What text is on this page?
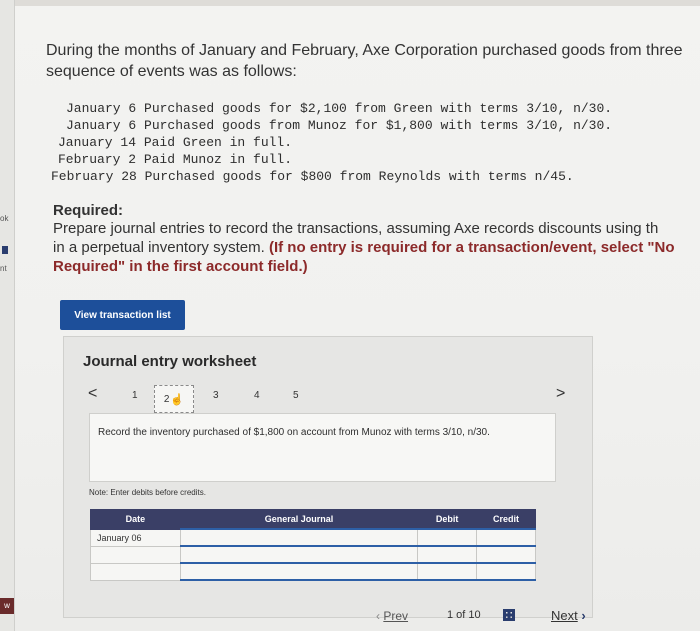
ok
nt
w
During the months of January and February, Axe Corporation purchased goods from three
sequence of events was as follows:
January 6 Purchased goods for $2,100 from Green with terms 3/10, n/30.
January 6 Purchased goods from Munoz for $1,800 with terms 3/10, n/30.
January 14 Paid Green in full.
February 2 Paid Munoz in full.
February 28 Purchased goods for $800 from Reynolds with terms n/45.
Required:
Prepare journal entries to record the transactions, assuming Axe records discounts using th
in a perpetual inventory system. (If no entry is required for a transaction/event, select "No
Required" in the first account field.)
View transaction list
Journal entry worksheet
<	1	2 ☝	3	4	5	>
Record the inventory purchased of $1,800 on account from Munoz with terms 3/10, n/30.
Note: Enter debits before credits.
Date	General Journal	Debit	Credit
January 06			

‹ Prev	1 of 10	Next ›
